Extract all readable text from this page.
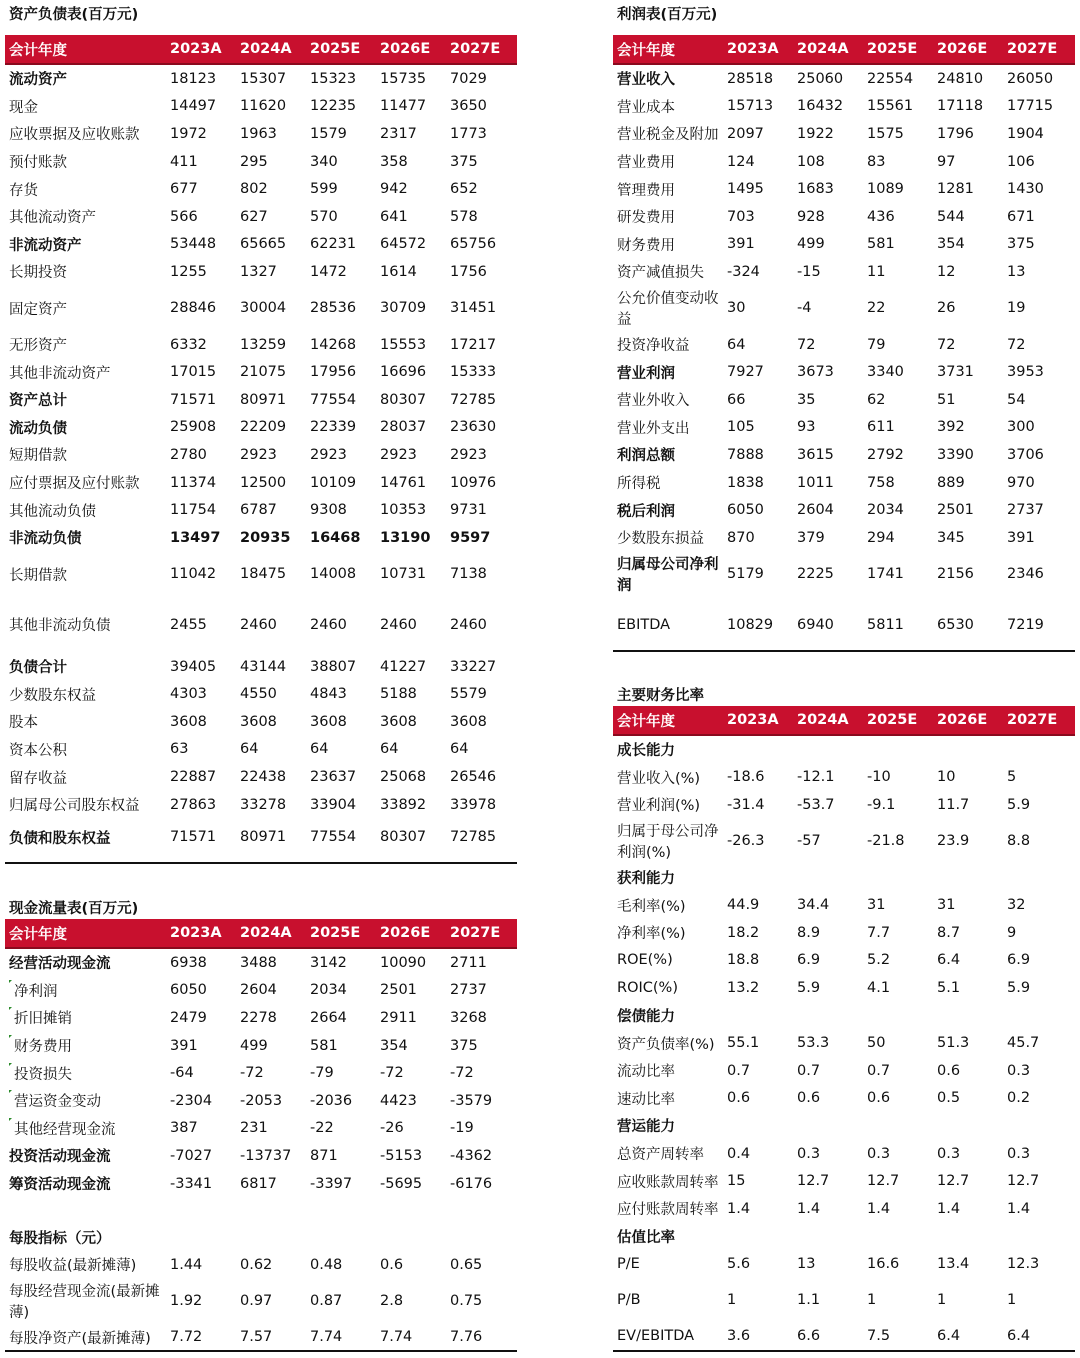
资产负债表(百万元)
会计年度	2023A	2024A	2025E	2026E	2027E
流动资产	18123	15307	15323	15735	7029
现金	14497	11620	12235	11477	3650
应收票据及应收账款	1972	1963	1579	2317	1773
预付账款	411	295	340	358	375
存货	677	802	599	942	652
其他流动资产	566	627	570	641	578
非流动资产	53448	65665	62231	64572	65756
长期投资	1255	1327	1472	1614	1756
固定资产	28846	30004	28536	30709	31451
无形资产	6332	13259	14268	15553	17217
其他非流动资产	17015	21075	17956	16696	15333
资产总计	71571	80971	77554	80307	72785
流动负债	25908	22209	22339	28037	23630
短期借款	2780	2923	2923	2923	2923
应付票据及应付账款	11374	12500	10109	14761	10976
其他流动负债	11754	6787	9308	10353	9731
非流动负债	13497	20935	16468	13190	9597
长期借款	11042	18475	14008	10731	7138
其他非流动负债	2455	2460	2460	2460	2460
负债合计	39405	43144	38807	41227	33227
少数股东权益	4303	4550	4843	5188	5579
股本	3608	3608	3608	3608	3608
资本公积	63	64	64	64	64
留存收益	22887	22438	23637	25068	26546
归属母公司股东权益	27863	33278	33904	33892	33978
负债和股东权益	71571	80971	77554	80307	72785
现金流量表(百万元)
会计年度	2023A	2024A	2025E	2026E	2027E
经营活动现金流	6938	3488	3142	10090	2711
净利润	6050	2604	2034	2501	2737
折旧摊销	2479	2278	2664	2911	3268
财务费用	391	499	581	354	375
投资损失	-64	-72	-79	-72	-72
营运资金变动	-2304	-2053	-2036	4423	-3579
其他经营现金流	387	231	-22	-26	-19
投资活动现金流	-7027	-13737	871	-5153	-4362
筹资活动现金流	-3341	6817	-3397	-5695	-6176
每股指标（元）
每股收益(最新摊薄)	1.44	0.62	0.48	0.6	0.65
每股经营现金流(最新摊薄)	1.92	0.97	0.87	2.8	0.75
每股净资产(最新摊薄)	7.72	7.57	7.74	7.74	7.76
利润表(百万元)
会计年度	2023A	2024A	2025E	2026E	2027E
营业收入	28518	25060	22554	24810	26050
营业成本	15713	16432	15561	17118	17715
营业税金及附加	2097	1922	1575	1796	1904
营业费用	124	108	83	97	106
管理费用	1495	1683	1089	1281	1430
研发费用	703	928	436	544	671
财务费用	391	499	581	354	375
资产减值损失	-324	-15	11	12	13
公允价值变动收益	30	-4	22	26	19
投资净收益	64	72	79	72	72
营业利润	7927	3673	3340	3731	3953
营业外收入	66	35	62	51	54
营业外支出	105	93	611	392	300
利润总额	7888	3615	2792	3390	3706
所得税	1838	1011	758	889	970
税后利润	6050	2604	2034	2501	2737
少数股东损益	870	379	294	345	391
归属母公司净利润	5179	2225	1741	2156	2346
EBITDA	10829	6940	5811	6530	7219
主要财务比率
会计年度	2023A	2024A	2025E	2026E	2027E
成长能力					
营业收入(%)	-18.6	-12.1	-10	10	5
营业利润(%)	-31.4	-53.7	-9.1	11.7	5.9
归属于母公司净利润(%)	-26.3	-57	-21.8	23.9	8.8
获利能力					
毛利率(%)	44.9	34.4	31	31	32
净利率(%)	18.2	8.9	7.7	8.7	9
ROE(%)	18.8	6.9	5.2	6.4	6.9
ROIC(%)	13.2	5.9	4.1	5.1	5.9
偿债能力					
资产负债率(%)	55.1	53.3	50	51.3	45.7
流动比率	0.7	0.7	0.7	0.6	0.3
速动比率	0.6	0.6	0.6	0.5	0.2
营运能力					
总资产周转率	0.4	0.3	0.3	0.3	0.3
应收账款周转率	15	12.7	12.7	12.7	12.7
应付账款周转率	1.4	1.4	1.4	1.4	1.4
估值比率					
P/E	5.6	13	16.6	13.4	12.3
P/B	1	1.1	1	1	1
EV/EBITDA	3.6	6.6	7.5	6.4	6.4
